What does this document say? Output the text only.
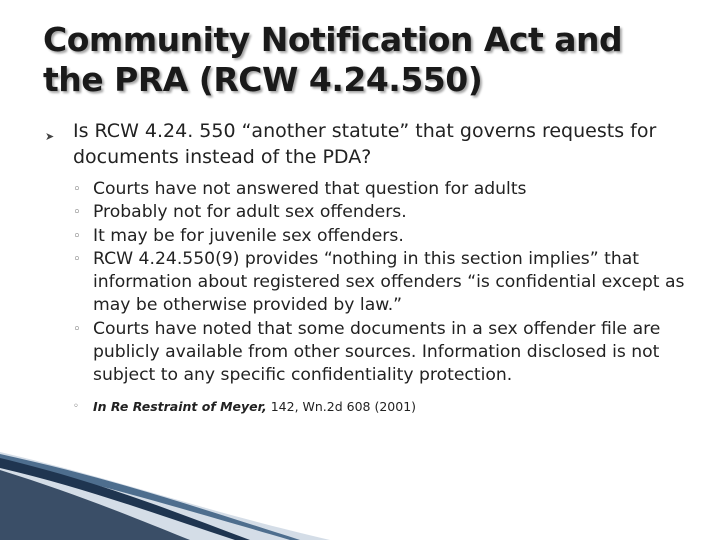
Community Notification Act and
the PRA (RCW 4.24.550)
➤ Is RCW 4.24. 550 “another statute” that governs requests for documents instead of the PDA?
◦ Courts have not answered that question for adults
◦ Probably not for adult sex offenders.
◦ It may be for juvenile sex offenders.
◦ RCW 4.24.550(9) provides “nothing in this section implies” that information about registered sex offenders “is confidential except as may be otherwise provided by law.”
◦ Courts have noted that some documents in a sex offender file are publicly available from other sources. Information disclosed is not subject to any specific confidentiality protection.
◦ In Re Restraint of Meyer, 142, Wn.2d 608 (2001)
